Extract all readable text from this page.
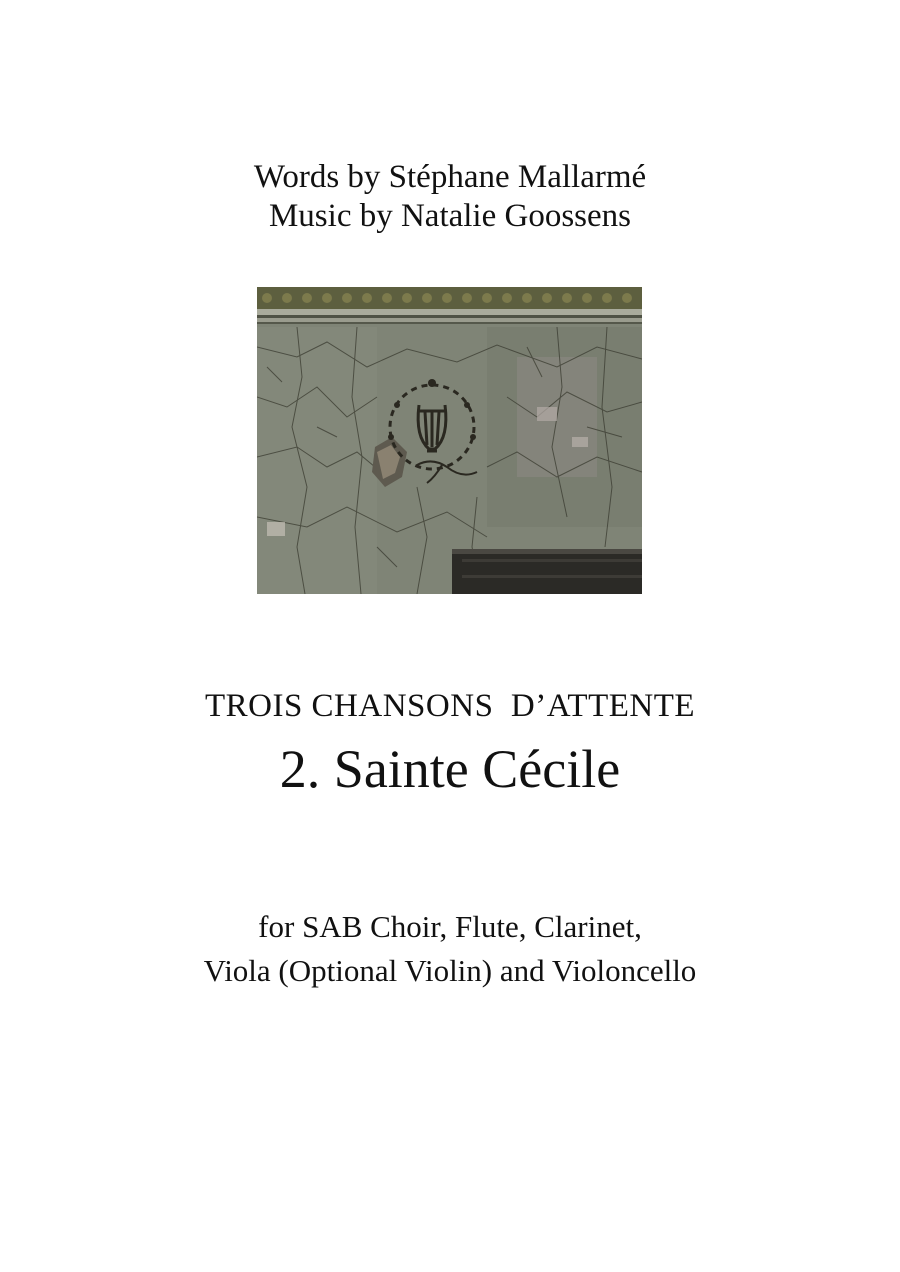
Words by Stéphane Mallarmé
Music by Natalie Goossens
TROIS CHANSONS  D’ATTENTE
2. Sainte Cécile
for SAB Choir, Flute, Clarinet,
Viola (Optional Violin) and Violoncello
